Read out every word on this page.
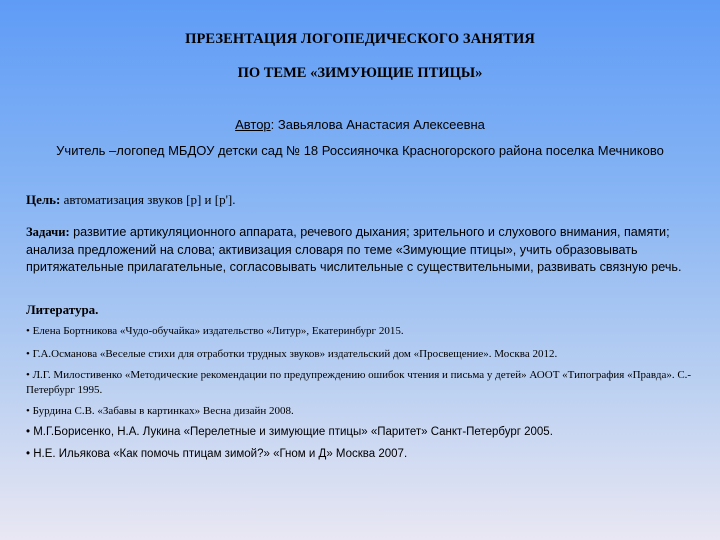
ПРЕЗЕНТАЦИЯ ЛОГОПЕДИЧЕСКОГО ЗАНЯТИЯ
ПО ТЕМЕ «ЗИМУЮЩИЕ ПТИЦЫ»
Автор: Завьялова Анастасия Алексеевна
Учитель –логопед МБДОУ детски сад № 18 Россияночка Красногорского района поселка Мечниково
Цель: автоматизация звуков [р] и [р'].
Задачи: развитие артикуляционного аппарата, речевого дыхания; зрительного и слухового внимания, памяти; анализа предложений на слова; активизация словаря по теме «Зимующие птицы», учить образовывать притяжательные прилагательные, согласовывать числительные с существительными, развивать связную речь.
Литература.
• Елена Бортникова «Чудо-обучайка» издательство «Литур», Екатеринбург 2015.
• Г.А.Османова «Веселые стихи для отработки трудных звуков» издательский дом «Просвещение». Москва 2012.
• Л.Г. Милостивенко «Методические рекомендации по предупреждению ошибок чтения и письма у детей» АООТ «Типография «Правда». С.-Петербург 1995.
• Бурдина С.В. «Забавы в картинках» Весна дизайн 2008.
• М.Г.Борисенко, Н.А. Лукина «Перелетные и зимующие птицы» «Паритет» Санкт-Петербург 2005.
• Н.Е. Ильякова «Как помочь птицам зимой?» «Гном и Д» Москва 2007.
